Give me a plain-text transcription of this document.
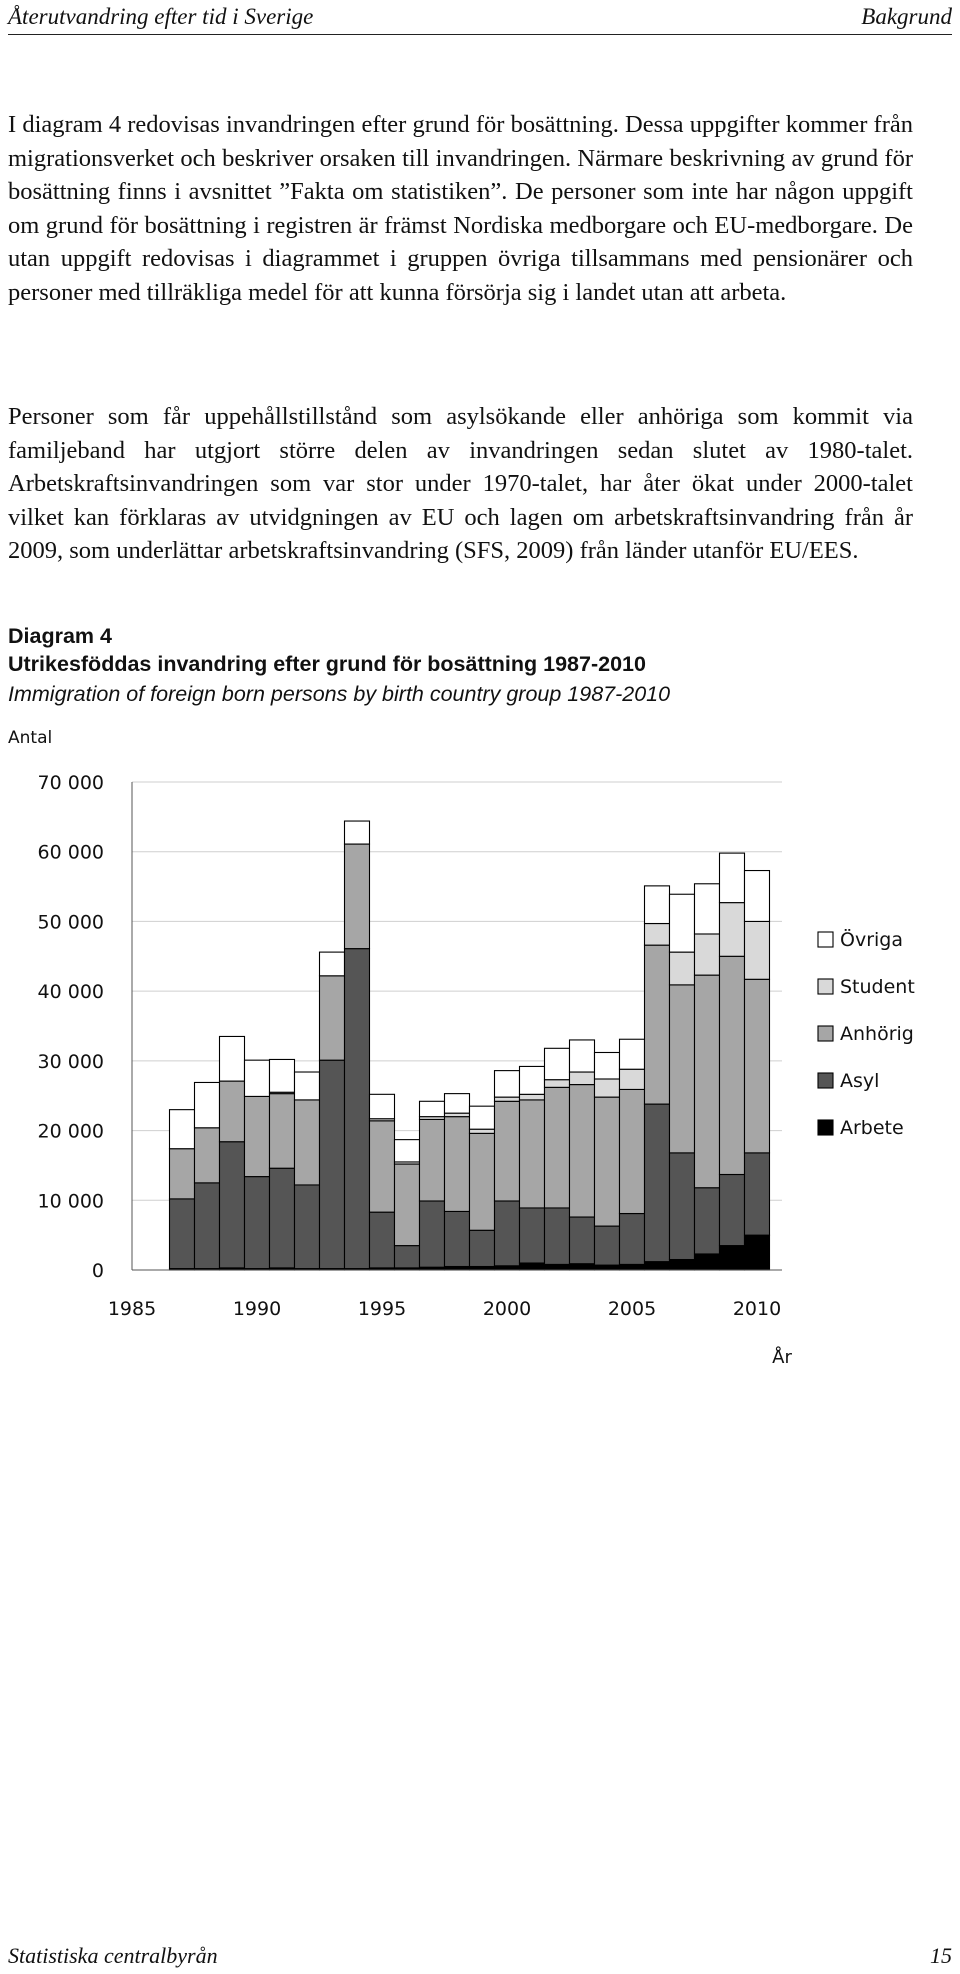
Återutvandring efter tid i Sverige	Bakgrund

I diagram 4 redovisas invandringen efter grund för bosättning. Dessa uppgifter kommer från migrationsverket och beskriver orsaken till invandringen. Närmare beskrivning av grund för bosättning finns i avsnittet ”Fakta om statistiken”. De personer som inte har någon uppgift om grund för bosättning i registren är främst Nordiska medborgare och EU-medborgare. De utan uppgift redovisas i diagrammet i gruppen övriga tillsammans med pensionärer och personer med tillräkliga medel för att kunna försörja sig i landet utan att arbeta.

Personer som får uppehållstillstånd som asylsökande eller anhöriga som kommit via familjeband har utgjort större delen av invandringen sedan slutet av 1980-talet. Arbetskraftsinvandringen som var stor under 1970-talet, har åter ökat under 2000-talet vilket kan förklaras av utvidgningen av EU och lagen om arbetskraftsinvandring från år 2009, som underlättar arbetskraftsinvandring (SFS, 2009) från länder utanför EU/EES.

Diagram 4
Utrikesföddas invandring efter grund för bosättning 1987-2010
Immigration of foreign born persons by birth country group 1987-2010
Antal
0
10 000
20 000
30 000
40 000
50 000
60 000
70 000
1985	1990	1995	2000	2005	2010
År
Övriga
Student
Anhörig
Asyl
Arbete
Statistiska centralbyrån	15
